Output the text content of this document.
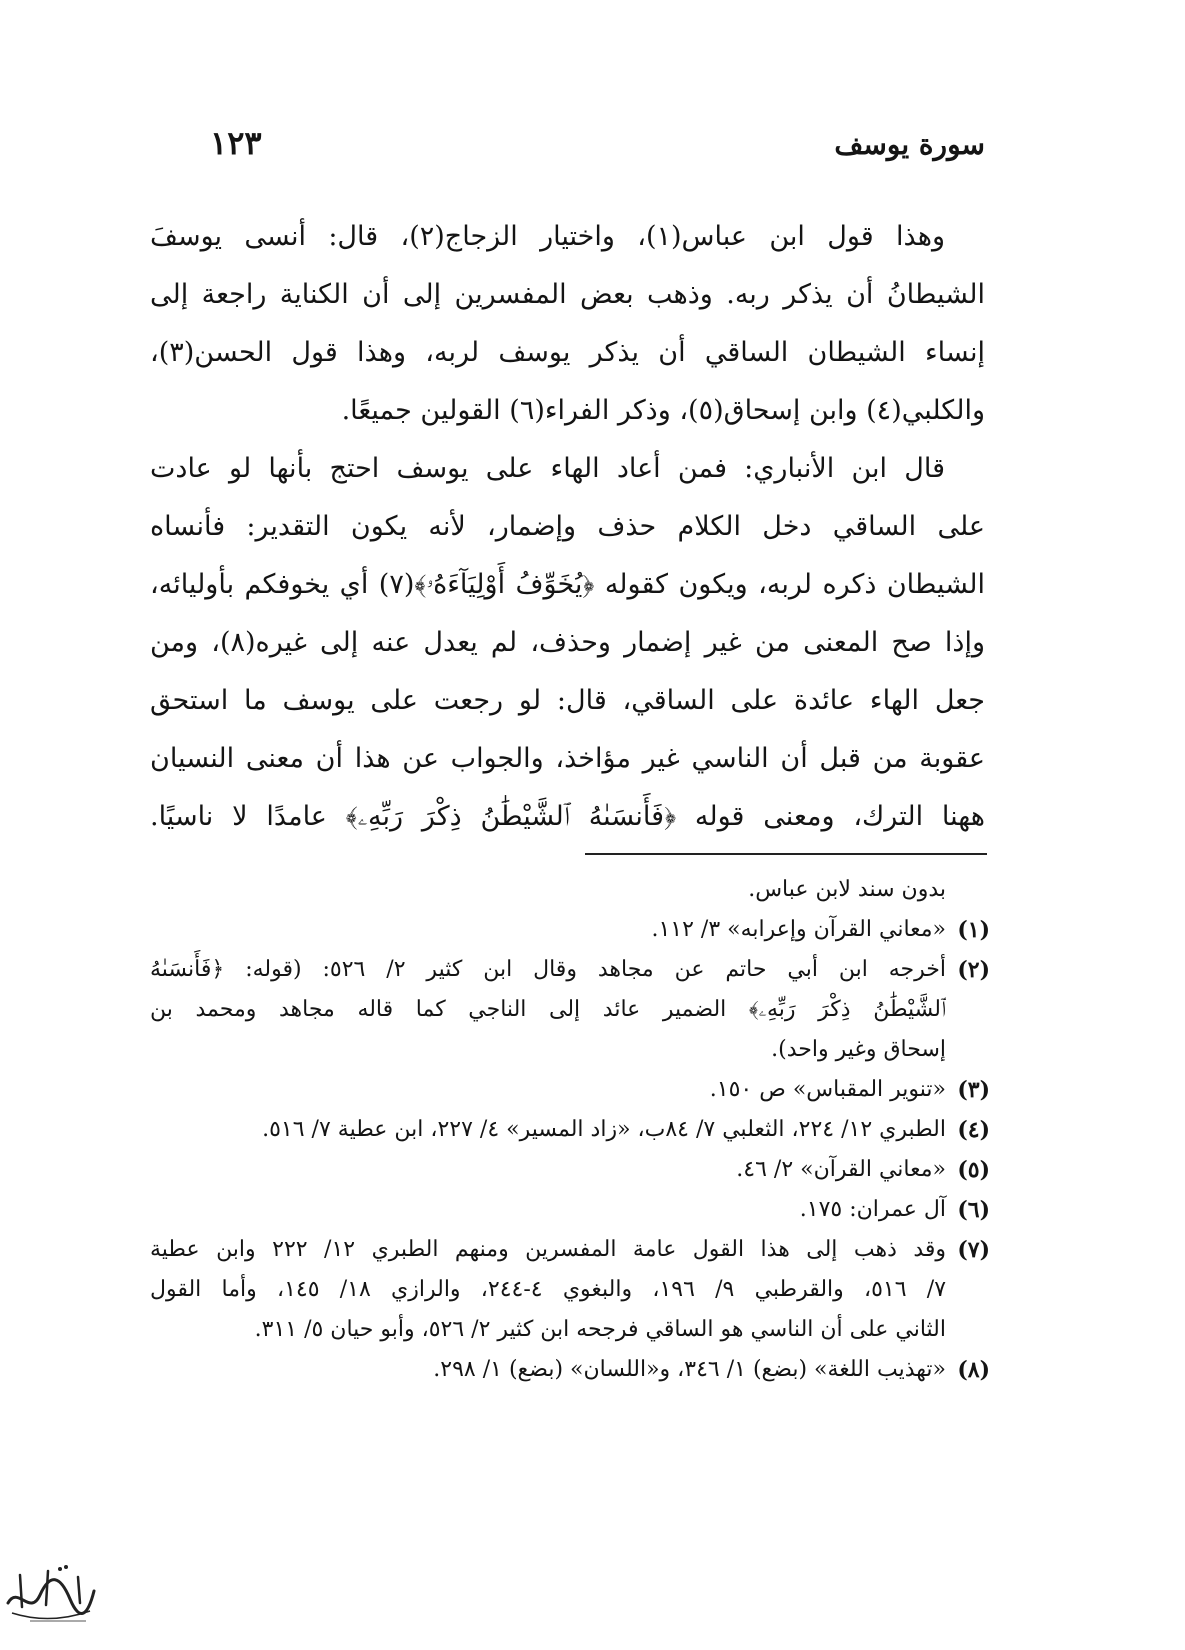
سورة يوسف
١٢٣
وهذا قول ابن عباس(١)، واختيار الزجاج(٢)، قال: أنسى يوسفَ
الشيطانُ أن يذكر ربه. وذهب بعض المفسرين إلى أن الكناية راجعة إلى
إنساء الشيطان الساقي أن يذكر يوسف لربه، وهذا قول الحسن(٣)،
والكلبي(٤) وابن إسحاق(٥)، وذكر الفراء(٦) القولين جميعًا.
قال ابن الأنباري: فمن أعاد الهاء على يوسف احتج بأنها لو عادت
على الساقي دخل الكلام حذف وإضمار، لأنه يكون التقدير: فأنساه
الشيطان ذكره لربه، ويكون كقوله ﴿يُخَوِّفُ أَوْلِيَآءَهُۥ﴾(٧) أي يخوفكم بأوليائه،
وإذا صح المعنى من غير إضمار وحذف، لم يعدل عنه إلى غيره(٨)، ومن
جعل الهاء عائدة على الساقي، قال: لو رجعت على يوسف ما استحق
عقوبة من قبل أن الناسي غير مؤاخذ، والجواب عن هذا أن معنى النسيان
ههنا الترك، ومعنى قوله ﴿فَأَنسَىٰهُ ٱلشَّيْطَٰنُ ذِكْرَ رَبِّهِۦ﴾ عامدًا لا ناسيًا.
بدون سند لابن عباس.
(١)
«معاني القرآن وإعرابه» ٣/ ١١٢.
(٢)
أخرجه ابن أبي حاتم عن مجاهد وقال ابن كثير ٢/ ٥٢٦: (قوله: ﴿فَأَنسَىٰهُ
ٱلشَّيْطَٰنُ ذِكْرَ رَبِّهِۦ﴾ الضمير عائد إلى الناجي كما قاله مجاهد ومحمد بن
إسحاق وغير واحد).
(٣)
«تنوير المقباس» ص ١٥٠.
(٤)
الطبري ١٢/ ٢٢٤، الثعلبي ٧/ ٨٤ب، «زاد المسير» ٤/ ٢٢٧، ابن عطية ٧/ ٥١٦.
(٥)
«معاني القرآن» ٢/ ٤٦.
(٦)
آل عمران: ١٧٥.
(٧)
وقد ذهب إلى هذا القول عامة المفسرين ومنهم الطبري ١٢/ ٢٢٢ وابن عطية
٧/ ٥١٦، والقرطبي ٩/ ١٩٦، والبغوي ٤-٢٤٤، والرازي ١٨/ ١٤٥، وأما القول
الثاني على أن الناسي هو الساقي فرجحه ابن كثير ٢/ ٥٢٦، وأبو حيان ٥/ ٣١١.
(٨)
«تهذيب اللغة» (بضع) ١/ ٣٤٦، و«اللسان» (بضع) ١/ ٢٩٨.
